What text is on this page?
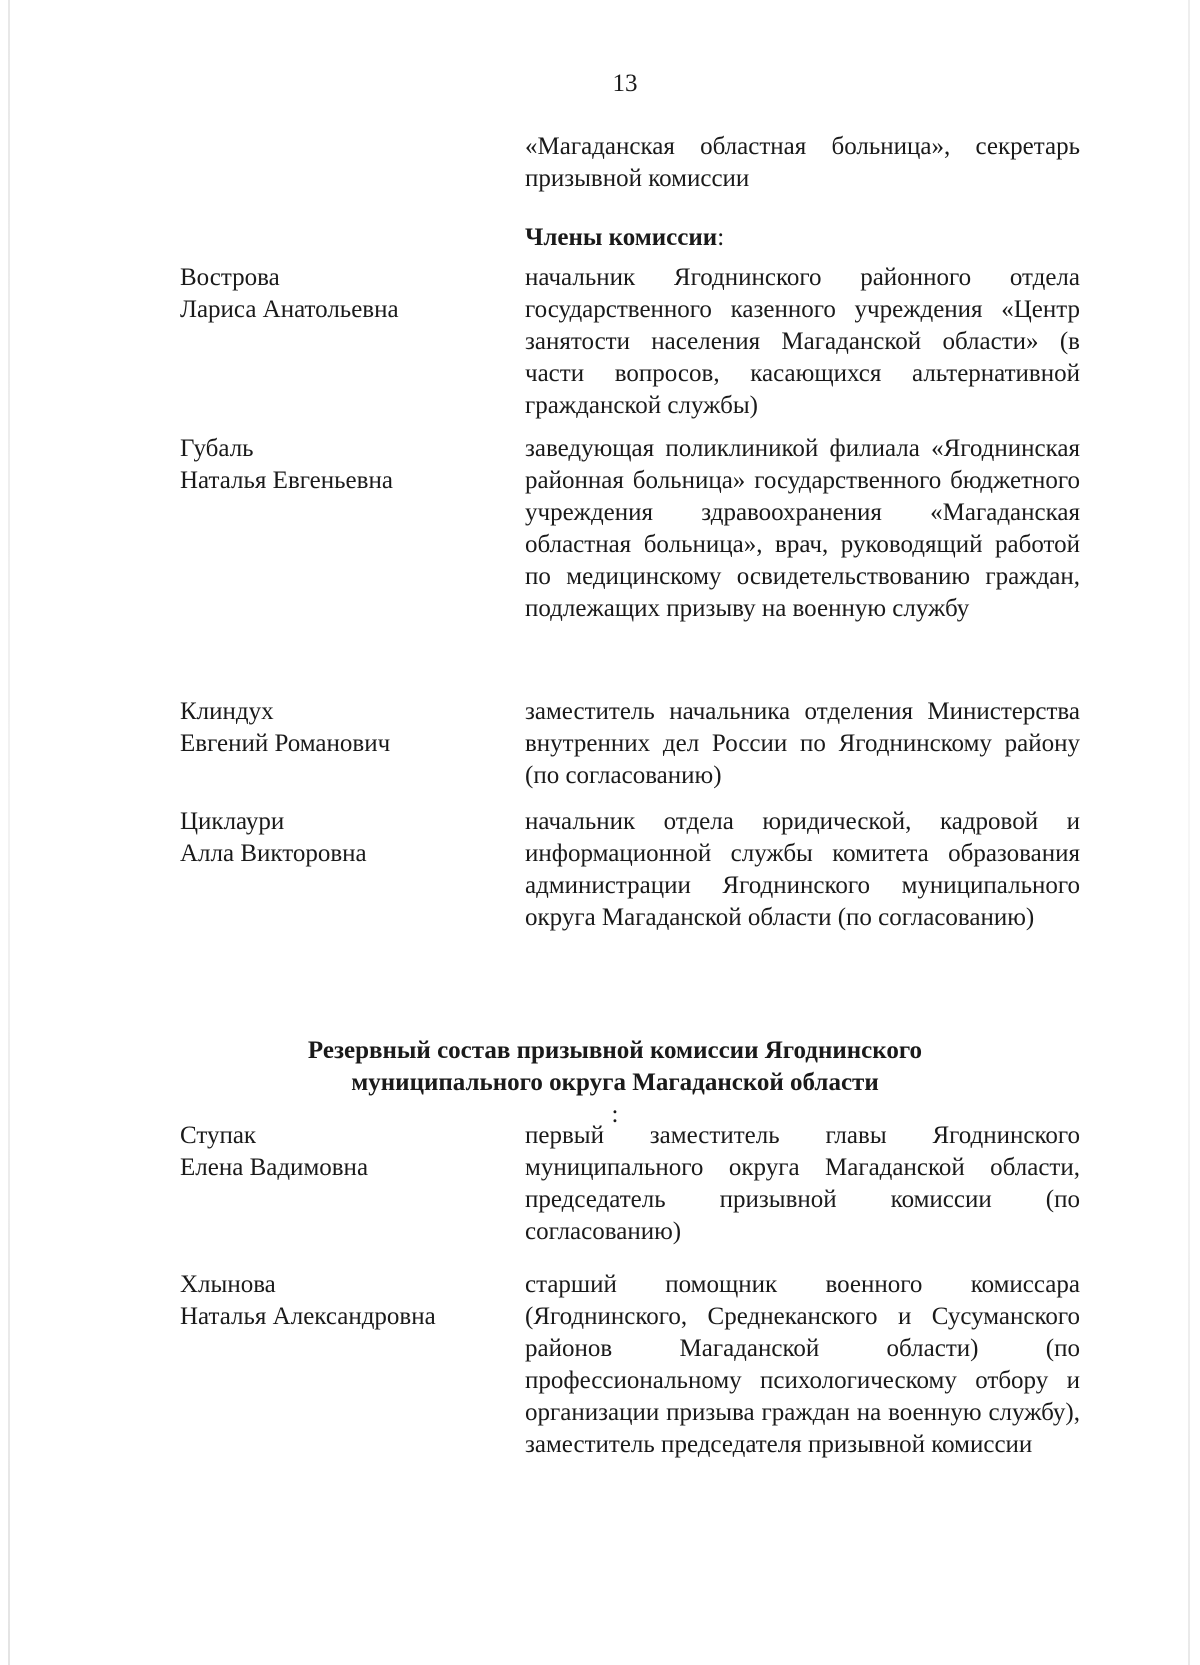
13
«Магаданская областная больница», секретарь призывной комиссии
Члены комиссии:
Вострова
Лариса Анатольевна
начальник Ягоднинского районного отдела государственного казенного учреждения «Центр занятости населения Магаданской области» (в части вопросов, касающихся альтернативной гражданской службы)
Губаль
Наталья Евгеньевна
заведующая поликлиникой филиала «Ягоднинская районная больница» государственного бюджетного учреждения здравоохранения «Магаданская областная больница», врач, руководящий работой по медицинскому освидетельствованию граждан, подлежащих призыву на военную службу
Клиндух
Евгений Романович
заместитель начальника отделения Министерства внутренних дел России по Ягоднинскому району (по согласованию)
Циклаури
Алла Викторовна
начальник отдела юридической, кадровой и информационной службы комитета образования администрации Ягоднинского муниципального округа Магаданской области (по согласованию)
Резервный состав призывной комиссии Ягоднинского
муниципального округа Магаданской области
:
Ступак
Елена Вадимовна
первый заместитель главы Ягоднинского муниципального округа Магаданской области, председатель призывной комиссии (по согласованию)
Хлынова
Наталья Александровна
старший помощник военного комиссара (Ягоднинского, Среднеканского и Сусуманского районов Магаданской области) (по профессиональному психологическому отбору и организации призыва граждан на военную службу), заместитель председателя призывной комиссии
